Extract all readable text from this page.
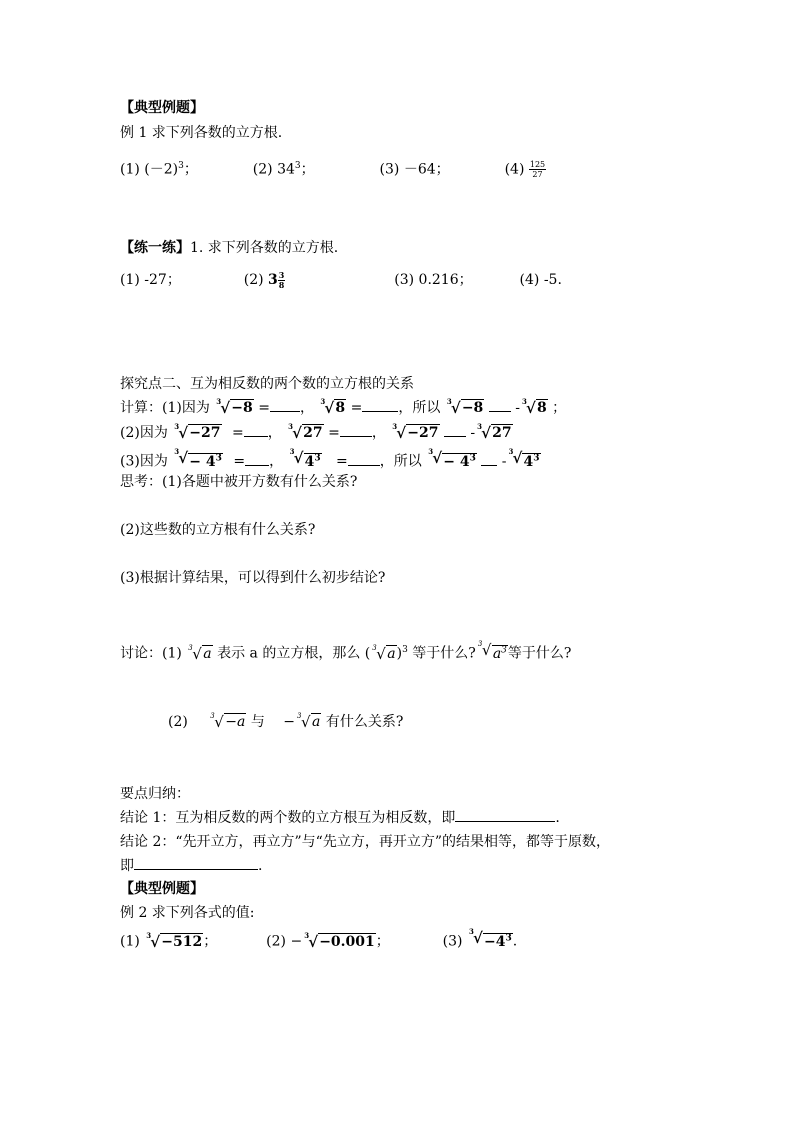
【典型例题】
例 1 求下列各数的立方根.
(1) $(-2)^3$；	(2) $34^3$；	(3) －64；	$(4) \frac{125}{27}$
【练一练】1. 求下列各数的立方根.
(1) -27；	(2) $3 \frac{3}{8}$	(3) 0.216；	(4) -5.
探究点二、互为相反数的两个数的立方根的关系
计算：(1)因为 3 √ −8 = ， 3 √ 8 =	，所以 3 √ −8 - 3 √ 8 ；
(2)因为 3 √ −27 = ， 3 √ 27 = ， 3 √ −27 - 3 √ 27
(3)因为
3 √ − $4^3$ = ，
3 √ $4^3$ = ，所以
3 √ − $4^3$ -
3 √ $4^3$
思考：(1)各题中被开方数有什么关系?
(2)这些数的立方根有什么关系?
(3)根据计算结果，可以得到什么初步结论?
讨论：(1) 3 √ a 表示 a 的立方根，那么 ( 3 √ a)$^3$ 等于什么?
3 √ $a^3$等于什么?
(2)	3 √ −a 与 − 3 √ a 有什么关系?
要点归纳：
结论 1：互为相反数的两个数的立方根互为相反数，即	.
结论 2：“先开立方，再立方”与“先立方，再开立方”的结果相等，都等于原数，
即	.
【典型例题】
例 2 求下列各式的值:
(1) 3 √ −512；	(2) − 3 √ −0.001；	(3)
3 √ $-4^3$.
